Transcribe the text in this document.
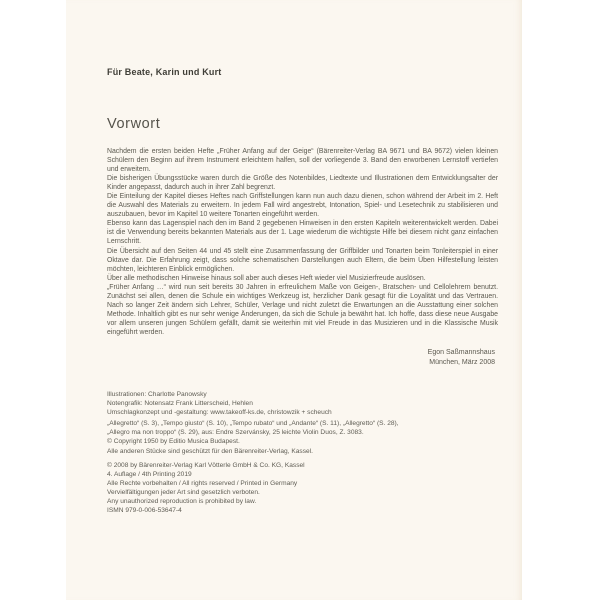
Für Beate, Karin und Kurt
Vorwort

Nachdem die ersten beiden Hefte „Früher Anfang auf der Geige“ (Bärenreiter-Verlag BA 9671 und BA 9672) vielen kleinen Schülern den Beginn auf ihrem Instrument erleichtern halfen, soll der vorliegende 3. Band den erworbenen Lernstoff vertiefen und erweitern.

Die bisherigen Übungsstücke waren durch die Größe des Notenbildes, Liedtexte und Illustrationen dem Entwicklungsalter der Kinder angepasst, dadurch auch in ihrer Zahl begrenzt.

Die Einteilung der Kapitel dieses Heftes nach Griffstellungen kann nun auch dazu dienen, schon während der Arbeit im 2. Heft die Auswahl des Materials zu erweitern. In jedem Fall wird angestrebt, Intonation, Spiel- und Lesetechnik zu stabilisieren und auszubauen, bevor im Kapitel 10 weitere Tonarten eingeführt werden.

Ebenso kann das Lagenspiel nach den im Band 2 gegebenen Hinweisen in den ersten Kapiteln weiterentwickelt werden. Dabei ist die Verwendung bereits bekannten Materials aus der 1. Lage wiederum die wichtigste Hilfe bei diesem nicht ganz einfachen Lernschritt.

Die Übersicht auf den Seiten 44 und 45 stellt eine Zusammenfassung der Griffbilder und Tonarten beim Tonleiterspiel in einer Oktave dar. Die Erfahrung zeigt, dass solche schematischen Darstellungen auch Eltern, die beim Üben Hilfestellung leisten möchten, leichteren Einblick ermöglichen.

Über alle methodischen Hinweise hinaus soll aber auch dieses Heft wieder viel Musizierfreude auslösen.

„Früher Anfang …“ wird nun seit bereits 30 Jahren in erfreulichem Maße von Geigen-, Bratschen- und Cellolehrern benutzt. Zunächst sei allen, denen die Schule ein wichtiges Werkzeug ist, herzlicher Dank gesagt für die Loyalität und das Vertrauen. Nach so langer Zeit ändern sich Lehrer, Schüler, Verlage und nicht zuletzt die Erwartungen an die Ausstattung einer solchen Methode. Inhaltlich gibt es nur sehr wenige Änderungen, da sich die Schule ja bewährt hat. Ich hoffe, dass diese neue Ausgabe vor allem unseren jungen Schülern gefällt, damit sie weiterhin mit viel Freude in das Musizieren und in die Klassische Musik eingeführt werden.

Egon Saßmannshaus
München, März 2008
Illustrationen: Charlotte Panowsky
Notengrafik: Notensatz Frank Litterscheid, Hehlen
Umschlagkonzept und -gestaltung: www.takeoff-ks.de, christowzik + scheuch
„Allegretto“ (S. 3), „Tempo giusto“ (S. 10), „Tempo rubato“ und „Andante“ (S. 11), „Allegretto“ (S. 28),
„Allegro ma non troppo“ (S. 29), aus: Endre Szervánsky, 25 leichte Violin Duos, Z. 3083.
© Copyright 1950 by Editio Musica Budapest.
Alle anderen Stücke sind geschützt für den Bärenreiter-Verlag, Kassel.
© 2008 by Bärenreiter-Verlag Karl Vötterle GmbH & Co. KG, Kassel
4. Auflage / 4th Printing 2019
Alle Rechte vorbehalten / All rights reserved / Printed in Germany
Vervielfältigungen jeder Art sind gesetzlich verboten.
Any unauthorized reproduction is prohibited by law.
ISMN 979-0-006-53647-4
